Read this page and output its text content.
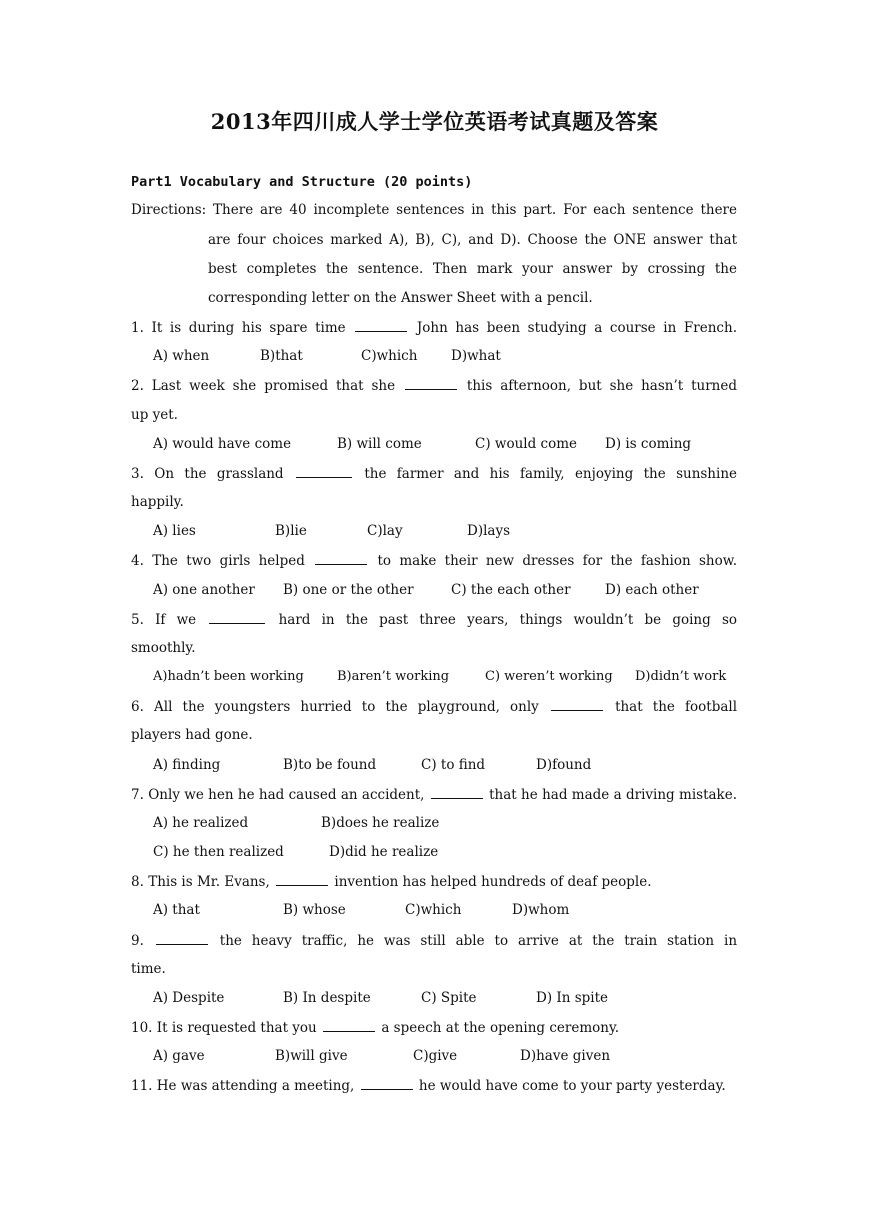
2013年四川成人学士学位英语考试真题及答案
Part1 Vocabulary and Structure (20 points)
Directions: There are 40 incomplete sentences in this part. For each sentence there
are four choices marked A), B), C), and D). Choose the ONE answer that
best completes the sentence. Then mark your answer by crossing the
corresponding letter on the Answer Sheet with a pencil.
1. It is during his spare time	John has been studying a course in French.
A) when	B)that	C)which D)what
2. Last week she promised that she	this afternoon, but she hasn’t turned
up yet.
A) would have come	B) will come	C) would come D) is coming
3. On the grassland	the farmer and his family, enjoying the sunshine
happily.
A) lies	B)lie	C)lay	D)lays
4. The two girls helped	to make their new dresses for the fashion show.
A) one another B) one or the other	C) the each other	D) each other
5. If we	hard in the past three years, things wouldn’t be going so
smoothly.
A)hadn’t been working	B)aren’t working	C) weren’t working D)didn’t work
6. All the youngsters hurried to the playground, only	that the football
players had gone.
A) finding	B)to be found	C) to find	D)found
7. Only we hen he had caused an accident,	that he had made a driving mistake.
A) he realized	B)does he realize
C) he then realized	D)did he realize
8. This is Mr. Evans,	invention has helped hundreds of deaf people.
A) that	B) whose	C)which	D)whom
9.	the heavy traffic, he was still able to arrive at the train station in
time.
A) Despite	B) In despite	C) Spite	D) In spite
10. It is requested that you	a speech at the opening ceremony.
A) gave	B)will give	C)give	D)have given
11. He was attending a meeting,	he would have come to your party yesterday.
